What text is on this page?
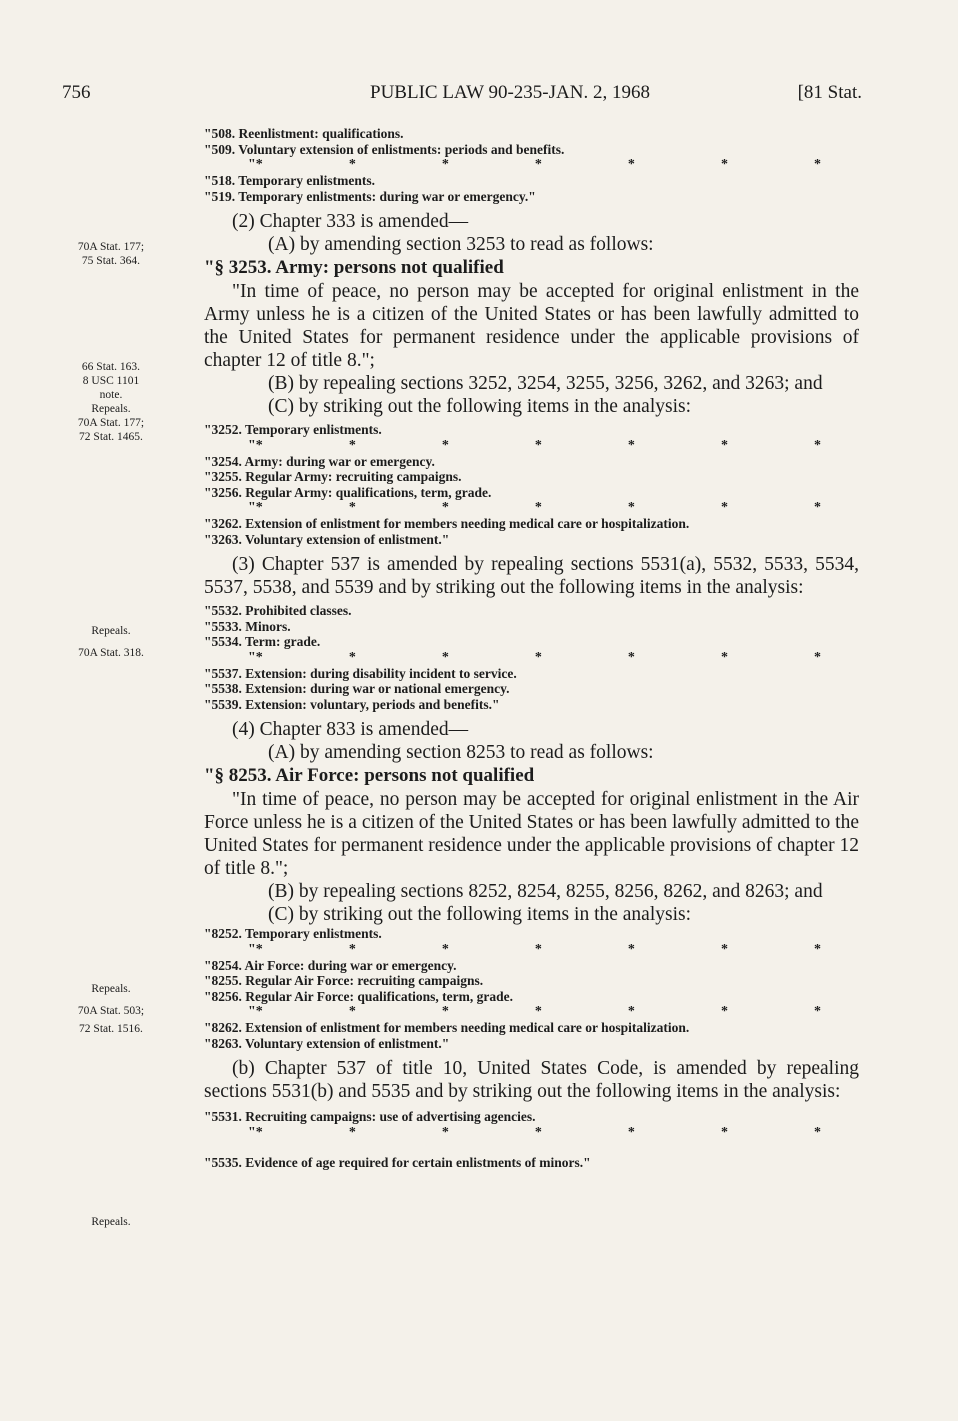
756	PUBLIC LAW 90-235-JAN. 2, 1968	[81 Stat.
70A Stat. 177;
75 Stat. 364.
66 Stat. 163.
8 USC 1101
note.
Repeals.
70A Stat. 177;
72 Stat. 1465.
Repeals.
70A Stat. 318.
Repeals.
70A Stat. 503;
72 Stat. 1516.
Repeals.
"508. Reenlistment: qualifications.
"509. Voluntary extension of enlistments: periods and benefits.
"*	*	*	*	*	*	*
"518. Temporary enlistments.
"519. Temporary enlistments: during war or emergency."
(2) Chapter 333 is amended—
(A) by amending section 3253 to read as follows:
"§ 3253. Army: persons not qualified
"In time of peace, no person may be accepted for original enlistment in the Army unless he is a citizen of the United States or has been lawfully admitted to the United States for permanent residence under the applicable provisions of chapter 12 of title 8.";
(B) by repealing sections 3252, 3254, 3255, 3256, 3262, and 3263; and
(C) by striking out the following items in the analysis:
"3252. Temporary enlistments.
"*	*	*	*	*	*	*
"3254. Army: during war or emergency.
"3255. Regular Army: recruiting campaigns.
"3256. Regular Army: qualifications, term, grade.
"*	*	*	*	*	*	*
"3262. Extension of enlistment for members needing medical care or hospitalization.
"3263. Voluntary extension of enlistment."
(3) Chapter 537 is amended by repealing sections 5531(a), 5532, 5533, 5534, 5537, 5538, and 5539 and by striking out the following items in the analysis:
"5532. Prohibited classes.
"5533. Minors.
"5534. Term: grade.
"*	*	*	*	*	*	*
"5537. Extension: during disability incident to service.
"5538. Extension: during war or national emergency.
"5539. Extension: voluntary, periods and benefits."
(4) Chapter 833 is amended—
(A) by amending section 8253 to read as follows:
"§ 8253. Air Force: persons not qualified
"In time of peace, no person may be accepted for original enlistment in the Air Force unless he is a citizen of the United States or has been lawfully admitted to the United States for permanent residence under the applicable provisions of chapter 12 of title 8.";
(B) by repealing sections 8252, 8254, 8255, 8256, 8262, and 8263; and
(C) by striking out the following items in the analysis:
"8252. Temporary enlistments.
"*	*	*	*	*	*	*
"8254. Air Force: during war or emergency.
"8255. Regular Air Force: recruiting campaigns.
"8256. Regular Air Force: qualifications, term, grade.
"*	*	*	*	*	*	*
"8262. Extension of enlistment for members needing medical care or hospitalization.
"8263. Voluntary extension of enlistment."
(b) Chapter 537 of title 10, United States Code, is amended by repealing sections 5531(b) and 5535 and by striking out the following items in the analysis:
"5531. Recruiting campaigns: use of advertising agencies.
"*	*	*	*	*	*	*
"5535. Evidence of age required for certain enlistments of minors."
